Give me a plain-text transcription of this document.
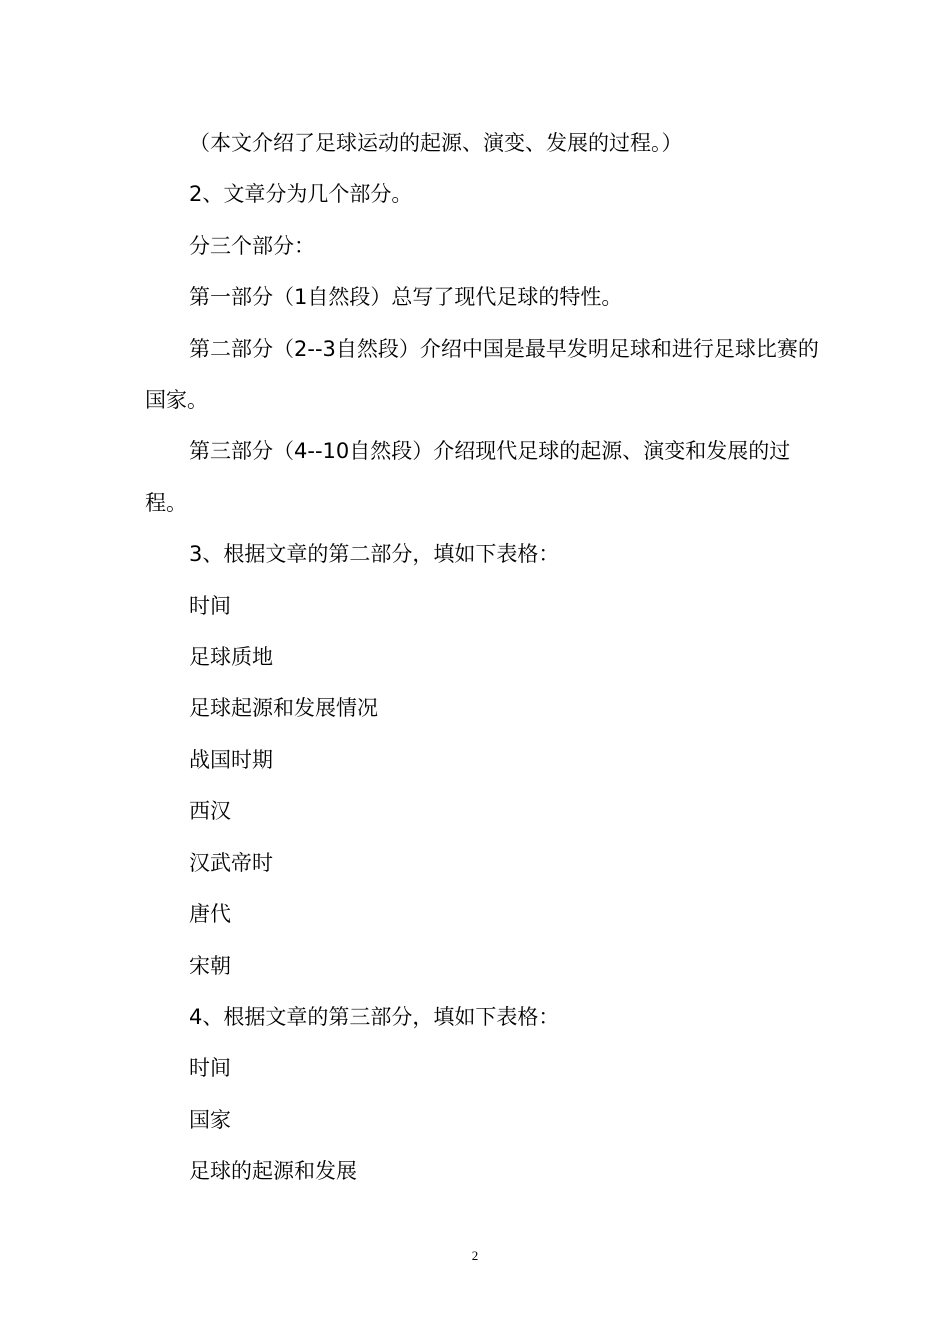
（本文介绍了足球运动的起源、演变、发展的过程。）

2、文章分为几个部分。

分三个部分：

第一部分（1自然段）总写了现代足球的特性。

第二部分（2--3自然段）介绍中国是最早发明足球和进行足球比赛的国家。

第三部分（4--10自然段）介绍现代足球的起源、演变和发展的过程。

3、根据文章的第二部分，填如下表格：

时间

足球质地

足球起源和发展情况

战国时期

西汉

汉武帝时

唐代

宋朝

4、根据文章的第三部分，填如下表格：

时间

国家

足球的起源和发展

2
